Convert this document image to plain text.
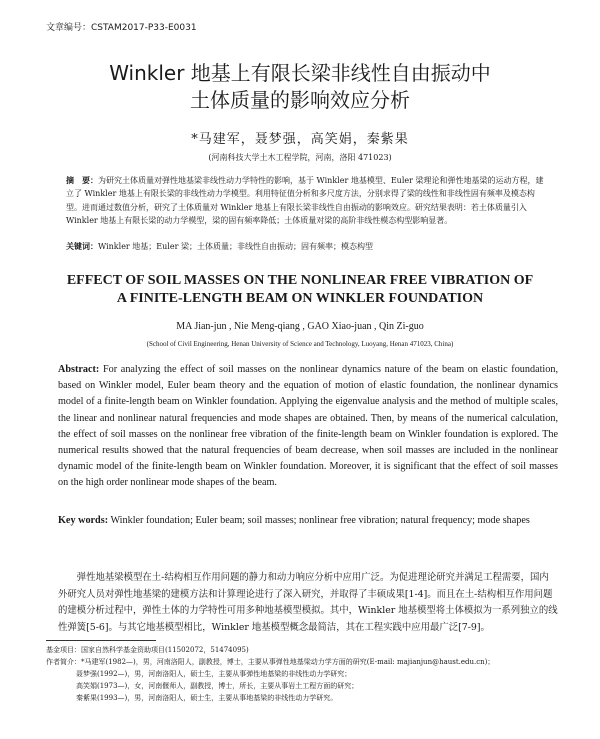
文章编号：CSTAM2017-P33-E0031
Winkler 地基上有限长梁非线性自由振动中
土体质量的影响效应分析
*马建军，聂梦强，高笑娟，秦紫果
(河南科技大学土木工程学院，河南，洛阳 471023)
摘　要：为研究土体质量对弹性地基梁非线性动力学特性的影响，基于 Winkler 地基模型、Euler 梁理论和弹性地基梁的运动方程，建立了 Winkler 地基上有限长梁的非线性动力学模型。利用特征值分析和多尺度方法，分别求得了梁的线性和非线性固有频率及模态构型。进而通过数值分析，研究了土体质量对 Winkler 地基上有限长梁非线性自由振动的影响效应。研究结果表明：若土体质量引入 Winkler 地基上有限长梁的动力学模型，梁的固有频率降低；土体质量对梁的高阶非线性模态构型影响显著。
关键词：Winkler 地基；Euler 梁；土体质量；非线性自由振动；固有频率；模态构型
EFFECT OF SOIL MASSES ON THE NONLINEAR FREE VIBRATION OF
A FINITE-LENGTH BEAM ON WINKLER FOUNDATION
MA Jian-jun , Nie Meng-qiang , GAO Xiao-juan , Qin Zi-guo
(School of Civil Engineering, Henan University of Science and Technology, Luoyang, Henan 471023, China)
Abstract: For analyzing the effect of soil masses on the nonlinear dynamics nature of the beam on elastic foundation, based on Winkler model, Euler beam theory and the equation of motion of elastic foundation, the nonlinear dynamics model of a finite-length beam on Winkler foundation. Applying the eigenvalue analysis and the method of multiple scales, the linear and nonlinear natural frequencies and mode shapes are obtained. Then, by means of the numerical calculation, the effect of soil masses on the nonlinear free vibration of the finite-length beam on Winkler foundation is explored. The numerical results showed that the natural frequencies of beam decrease, when soil masses are included in the nonlinear dynamic model of the finite-length beam on Winkler foundation. Moreover, it is significant that the effect of soil masses on the high order nonlinear mode shapes of the beam.
Key words: Winkler foundation; Euler beam; soil masses; nonlinear free vibration; natural frequency; mode shapes
弹性地基梁模型在土-结构相互作用问题的静力和动力响应分析中应用广泛。为促进理论研究并满足工程需要，国内外研究人员对弹性地基梁的建模方法和计算理论进行了深入研究，并取得了丰硕成果[1-4]。而且在土-结构相互作用问题的建模分析过程中，弹性土体的力学特性可用多种地基模型模拟。其中，Winkler 地基模型将土体模拟为一系列独立的线性弹簧[5-6]。与其它地基模型相比，Winkler 地基模型概念最简洁，其在工程实践中应用最广泛[7-9]。
基金项目：国家自然科学基金资助项目(11502072，51474095)
作者简介：*马建军(1982—)，男，河南洛阳人，副教授，博士，主要从事弹性地基梁动力学方面的研究(E-mail: majianjun@haust.edu.cn)；
聂梦强(1992—)，男，河南洛阳人，硕士生，主要从事弹性地基梁的非线性动力学研究；
高笑娟(1973—)，女，河南偃师人，副教授，博士，所长，主要从事岩土工程方面的研究；
秦紫果(1993—)，男，河南洛阳人，硕士生，主要从事地基梁的非线性动力学研究。
